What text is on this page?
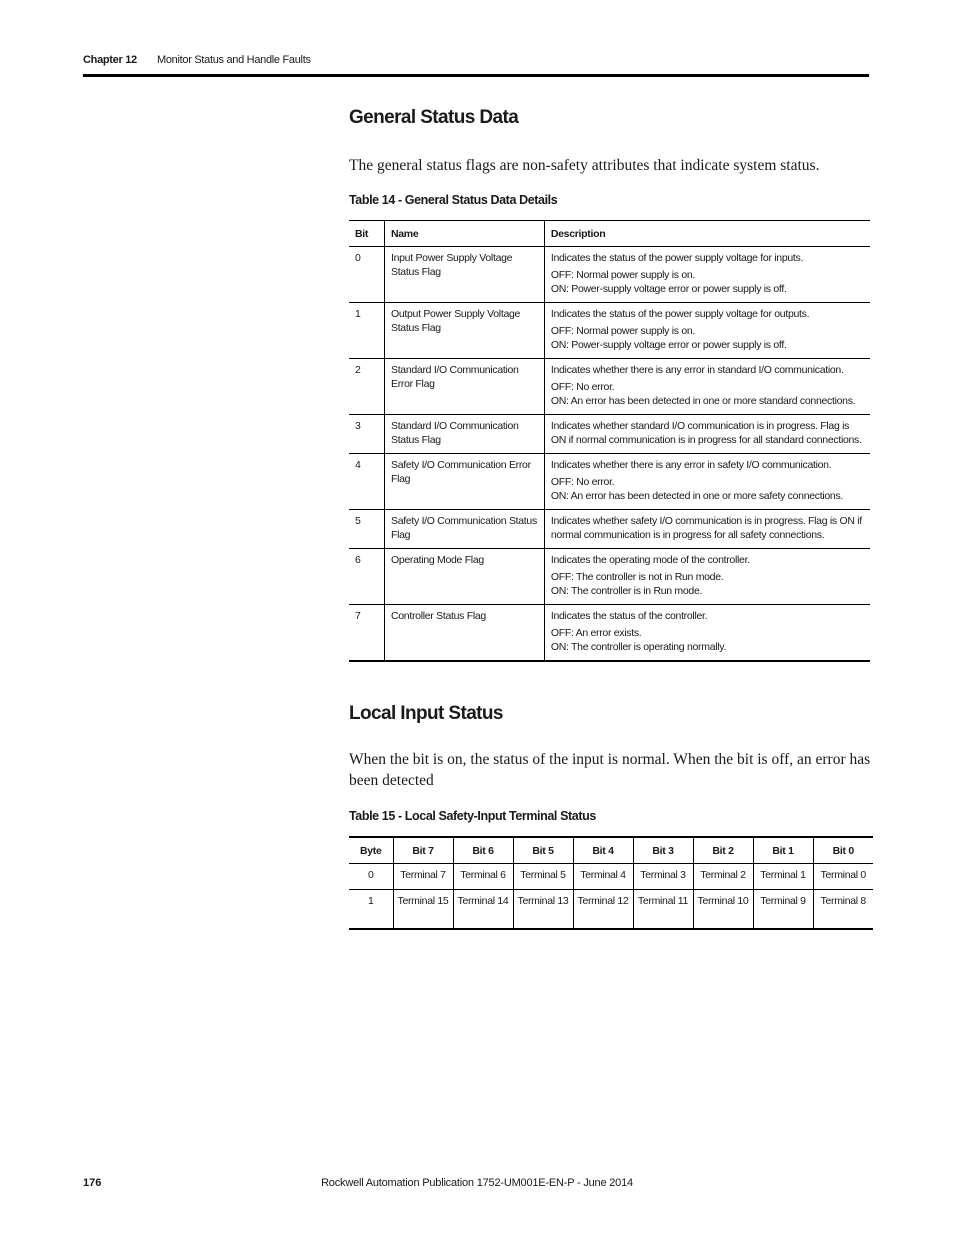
Chapter 12 Monitor Status and Handle Faults
General Status Data
The general status flags are non-safety attributes that indicate system status.
Table 14 - General Status Data Details
Bit	Name	Description
0	Input Power Supply Voltage Status Flag	Indicates the status of the power supply voltage for inputs.
OFF: Normal power supply is on.
ON: Power-supply voltage error or power supply is off.

1	Output Power Supply Voltage Status Flag	Indicates the status of the power supply voltage for outputs.
OFF: Normal power supply is on.
ON: Power-supply voltage error or power supply is off.

2	Standard I/O Communication Error Flag	Indicates whether there is any error in standard I/O communication.
OFF: No error.
ON: An error has been detected in one or more standard connections.

3	Standard I/O Communication Status Flag	Indicates whether standard I/O communication is in progress. Flag is ON if normal communication is in progress for all standard connections.

4	Safety I/O Communication Error Flag	Indicates whether there is any error in safety I/O communication.
OFF: No error.
ON: An error has been detected in one or more safety connections.

5	Safety I/O Communication Status Flag	Indicates whether safety I/O communication is in progress. Flag is ON if normal communication is in progress for all safety connections.

6	Operating Mode Flag	Indicates the operating mode of the controller.
OFF: The controller is not in Run mode.
ON: The controller is in Run mode.

7	Controller Status Flag	Indicates the status of the controller.
OFF: An error exists.
ON: The controller is operating normally.
Local Input Status
When the bit is on, the status of the input is normal. When the bit is off, an error has been detected
Table 15 - Local Safety-Input Terminal Status
Byte	Bit 7	Bit 6	Bit 5	Bit 4	Bit 3	Bit 2	Bit 1	Bit 0
0	Terminal 7	Terminal 6	Terminal 5	Terminal 4	Terminal 3	Terminal 2	Terminal 1	Terminal 0
1	Terminal 15	Terminal 14	Terminal 13	Terminal 12	Terminal 11	Terminal 10	Terminal 9	Terminal 8
176	Rockwell Automation Publication 1752-UM001E-EN-P - June 2014
